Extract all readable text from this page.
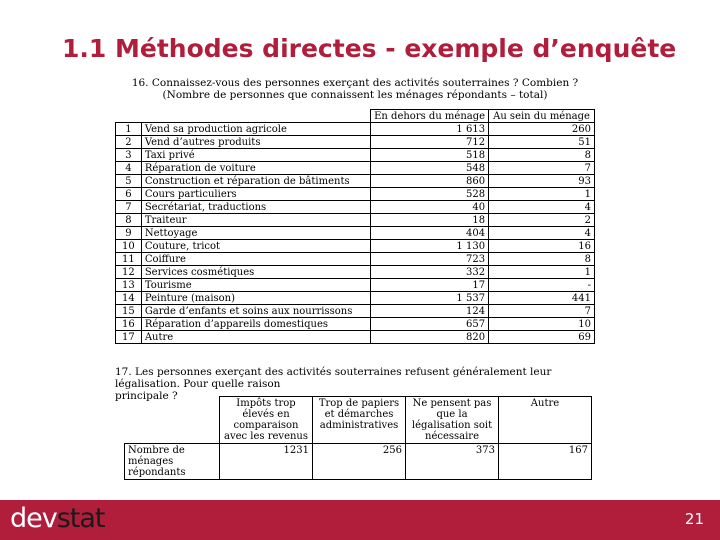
1.1 Méthodes directes - exemple d’enquête
16. Connaissez-vous des personnes exerçant des activités souterraines ? Combien ?
(Nombre de personnes que connaissent les ménages répondants – total)
		En dehors du ménage	Au sein du ménage
1	Vend sa production agricole	1 613	260
2	Vend d’autres produits	712	51
3	Taxi privé	518	8
4	Réparation de voiture	548	7
5	Construction et réparation de bâtiments	860	93
6	Cours particuliers	528	1
7	Secrétariat, traductions	40	4
8	Traiteur	18	2
9	Nettoyage	404	4
10	Couture, tricot	1 130	16
11	Coiffure	723	8
12	Services cosmétiques	332	1
13	Tourisme	17	-
14	Peinture (maison)	1 537	441
15	Garde d’enfants et soins aux nourrissons	124	7
16	Réparation d’appareils domestiques	657	10
17	Autre	820	69
17. Les personnes exerçant des activités souterraines refusent généralement leur légalisation. Pour quelle raison
principale ?
	Impôts trop élevés en comparaison avec les revenus	Trop de papiers et démarches administratives	Ne pensent pas que la légalisation soit nécessaire	Autre
Nombre de ménages répondants	1231	256	373	167
devstat	21
